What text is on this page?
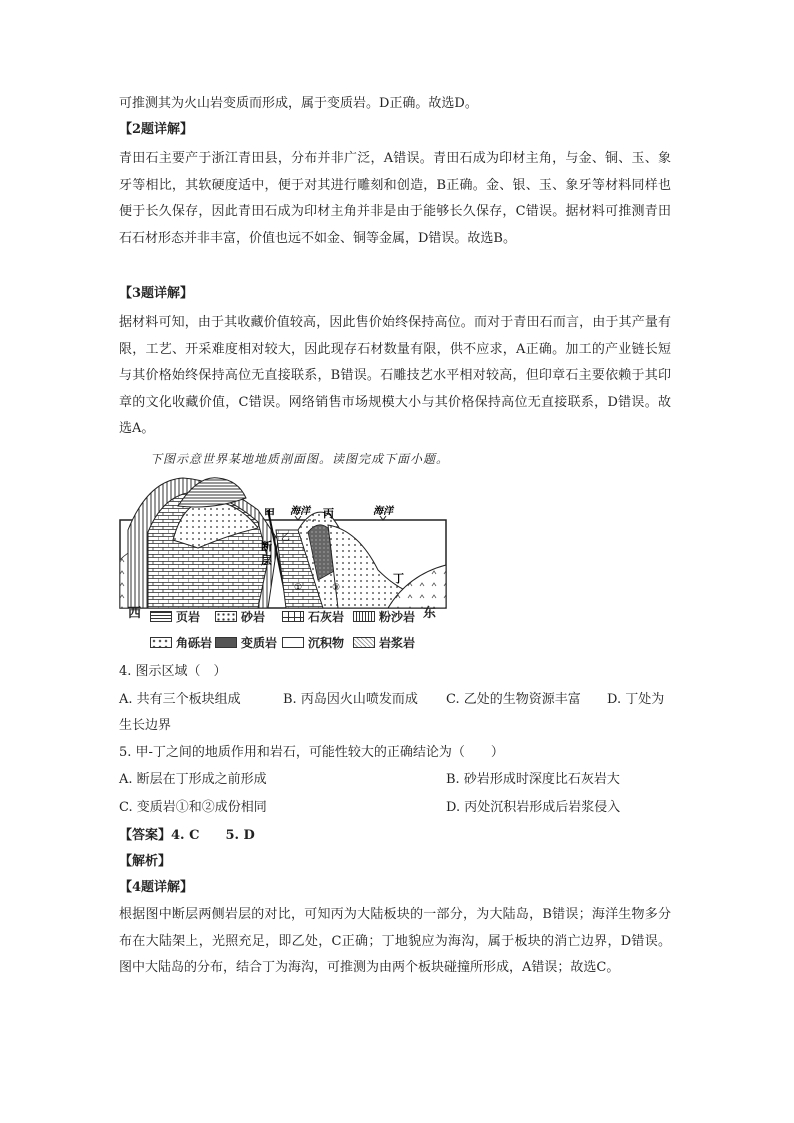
可推测其为火山岩变质而形成，属于变质岩。D正确。故选D。

【2题详解】

青田石主要产于浙江青田县，分布并非广泛，A错误。青田石成为印材主角，与金、铜、玉、象牙等相比，其软硬度适中，便于对其进行雕刻和创造，B正确。金、银、玉、象牙等材料同样也便于长久保存，因此青田石成为印材主角并非是由于能够长久保存，C错误。据材料可推测青田石石材形态并非丰富，价值也远不如金、铜等金属，D错误。故选B。

【3题详解】

据材料可知，由于其收藏价值较高，因此售价始终保持高位。而对于青田石而言，由于其产量有限，工艺、开采难度相对较大，因此现存石材数量有限，供不应求，A正确。加工的产业链长短与其价格始终保持高位无直接联系，B错误。石雕技艺水平相对较高，但印章石主要依赖于其印章的文化收藏价值，C错误。网络销售市场规模大小与其价格保持高位无直接联系，D错误。故选A。

下图示意世界某地地质剖面图。读图完成下面小题。
甲 海洋 丙	海洋
乙
断
层
①	②
丁
西	东
页岩	砂岩	石灰岩	粉沙岩
角砾岩 变质岩	沉积物	岩浆岩
4. 图示区域（　）
A. 共有三个板块组成	B. 丙岛因火山喷发而成 C. 乙处的生物资源丰富 D. 丁处为
生长边界
5. 甲-丁之间的地质作用和岩石，可能性较大的正确结论为（　　）
A. 断层在丁形成之前形成	B. 砂岩形成时深度比石灰岩大
C. 变质岩①和②成份相同	D. 丙处沉积岩形成后岩浆侵入
【答案】4. C　　5. D
【解析】
【4题详解】

根据图中断层两侧岩层的对比，可知丙为大陆板块的一部分，为大陆岛，B错误；海洋生物多分布在大陆架上，光照充足，即乙处，C正确；丁地貌应为海沟，属于板块的消亡边界，D错误。图中大陆岛的分布，结合丁为海沟，可推测为由两个板块碰撞所形成，A错误；故选C。
